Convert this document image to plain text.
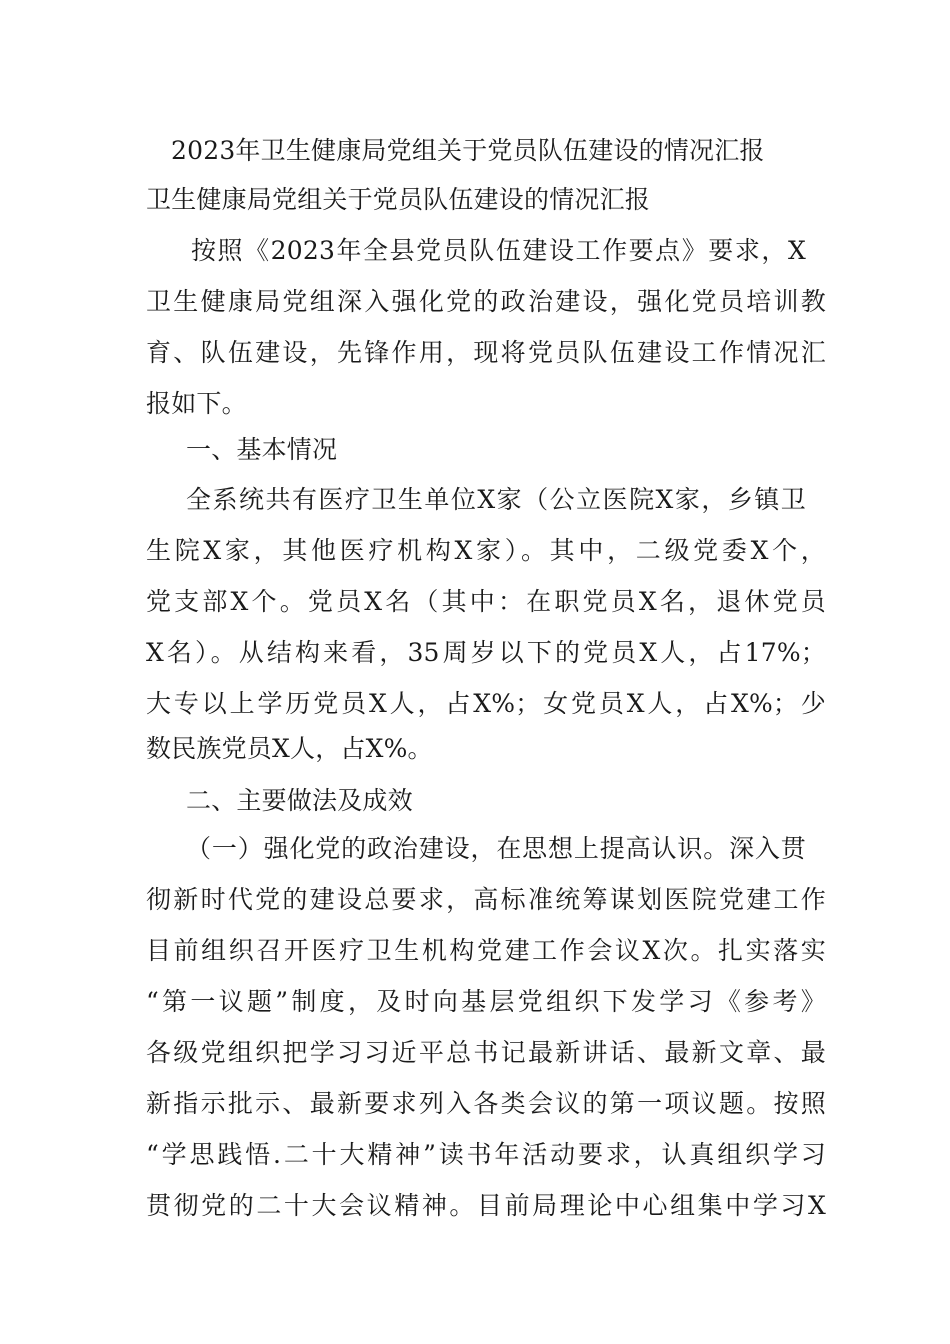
2023年卫生健康局党组关于党员队伍建设的情况汇报
卫生健康局党组关于党员队伍建设的情况汇报
按照《2023年全县党员队伍建设工作要点》要求，X
卫生健康局党组深入强化党的政治建设，强化党员培训教
育、队伍建设，先锋作用，现将党员队伍建设工作情况汇
报如下。
一、基本情况
全系统共有医疗卫生单位X家（公立医院X家，乡镇卫
生院X家，其他医疗机构X家）。其中，二级党委X个，
党支部X个。党员X名（其中：在职党员X名，退休党员
X名）。从结构来看，35周岁以下的党员X人，占17%；
大专以上学历党员X人，占X%；女党员X人，占X%；少
数民族党员X人，占X%。
二、主要做法及成效
（一）强化党的政治建设，在思想上提高认识。深入贯
彻新时代党的建设总要求，高标准统筹谋划医院党建工作
目前组织召开医疗卫生机构党建工作会议X次。扎实落实
“第一议题”制度，及时向基层党组织下发学习《参考》
各级党组织把学习习近平总书记最新讲话、最新文章、最
新指示批示、最新要求列入各类会议的第一项议题。按照
“学思践悟.二十大精神”读书年活动要求，认真组织学习
贯彻党的二十大会议精神。目前局理论中心组集中学习X
